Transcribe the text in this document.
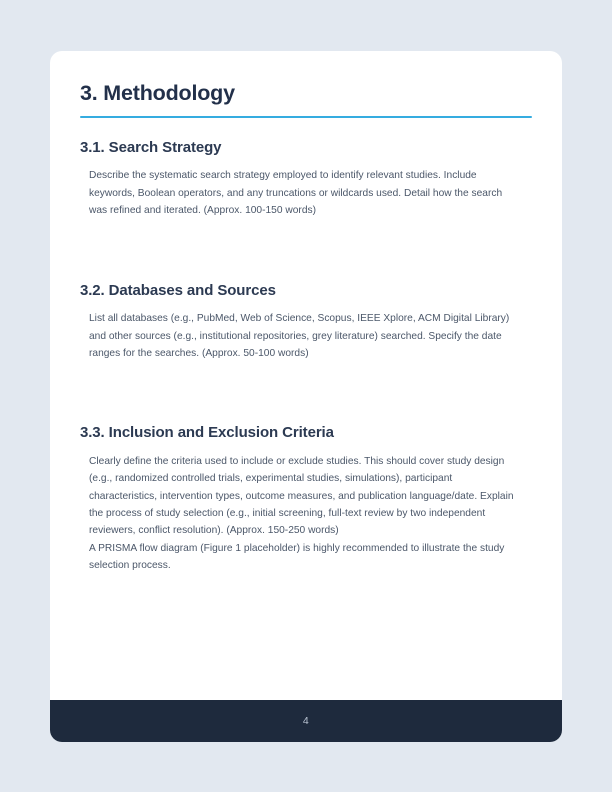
3. Methodology
3.1. Search Strategy

Describe the systematic search strategy employed to identify relevant studies. Include keywords, Boolean operators, and any truncations or wildcards used. Detail how the search was refined and iterated. (Approx. 100-150 words)

3.2. Databases and Sources

List all databases (e.g., PubMed, Web of Science, Scopus, IEEE Xplore, ACM Digital Library) and other sources (e.g., institutional repositories, grey literature) searched. Specify the date ranges for the searches. (Approx. 50-100 words)

3.3. Inclusion and Exclusion Criteria

Clearly define the criteria used to include or exclude studies. This should cover study design (e.g., randomized controlled trials, experimental studies, simulations), participant characteristics, intervention types, outcome measures, and publication language/date. Explain the process of study selection (e.g., initial screening, full-text review by two independent reviewers, conflict resolution). (Approx. 150-250 words)

A PRISMA flow diagram (Figure 1 placeholder) is highly recommended to illustrate the study selection process.

4
